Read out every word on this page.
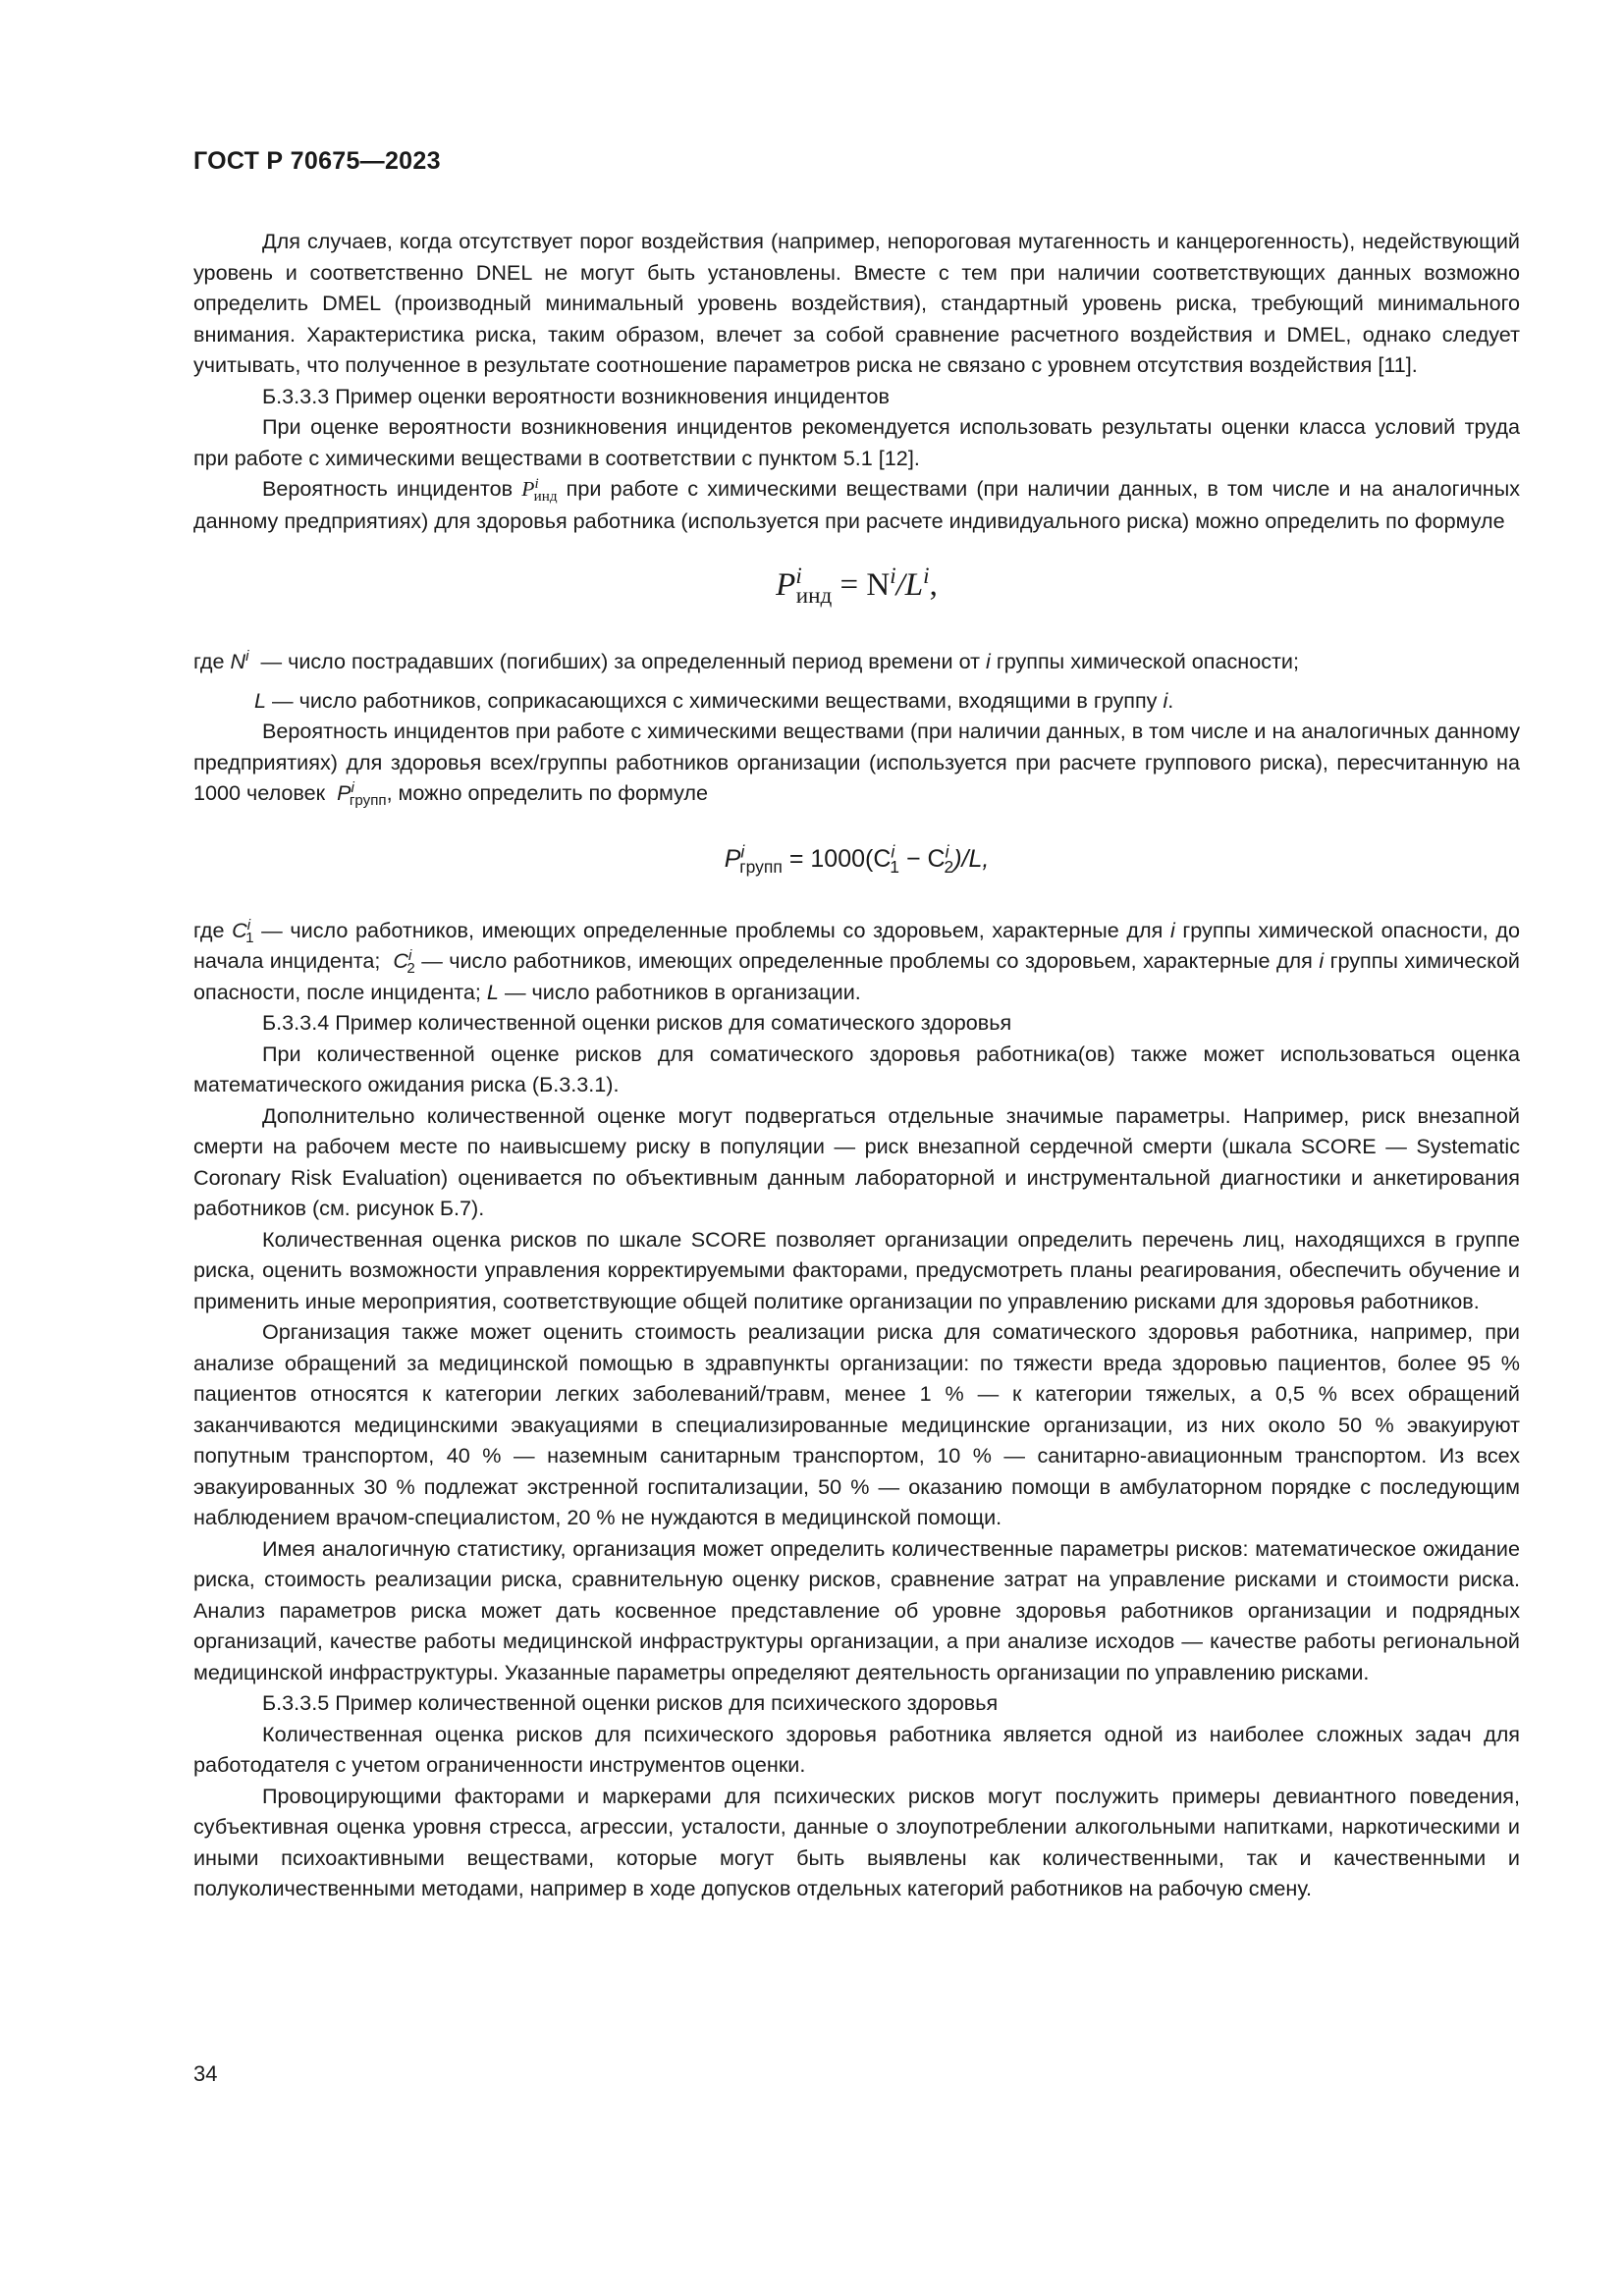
ГОСТ Р 70675—2023

Для случаев, когда отсутствует порог воздействия (например, непороговая мутагенность и канцерогенность), недействующий уровень и соответственно DNEL не могут быть установлены. Вместе с тем при наличии соответствующих данных возможно определить DMEL (производный минимальный уровень воздействия), стандартный уровень риска, требующий минимального внимания. Характеристика риска, таким образом, влечет за собой сравнение расчетного воздействия и DMEL, однако следует учитывать, что полученное в результате соотношение параметров риска не связано с уровнем отсутствия воздействия [11].

Б.3.3.3 Пример оценки вероятности возникновения инцидентов

При оценке вероятности возникновения инцидентов рекомендуется использовать результаты оценки класса условий труда при работе с химическими веществами в соответствии с пунктом 5.1 [12].

Вероятность инцидентов $P^i_{инд}$ при работе с химическими веществами (при наличии данных, в том числе и на аналогичных данному предприятиях) для здоровья работника (используется при расчете индивидуального риска) можно определить по формуле

$P^i_{инд} = N^i/L^i$,

где $N^i$ — число пострадавших (погибших) за определенный период времени от i группы химической опасности;

L — число работников, соприкасающихся с химическими веществами, входящими в группу i.

Вероятность инцидентов при работе с химическими веществами (при наличии данных, в том числе и на аналогичных данному предприятиях) для здоровья всех/группы работников организации (используется при расчете группового риска), пересчитанную на 1000 человек $P^i_{групп}$, можно определить по формуле

$P^i_{групп} = 1000(C^i_1 - C^i_2)/L$,

где $C^i_1$ — число работников, имеющих определенные проблемы со здоровьем, характерные для i группы химической опасности, до начала инцидента; $C^i_2$ — число работников, имеющих определенные проблемы со здоровьем, характерные для i группы химической опасности, после инцидента; L — число работников в организации.

Б.3.3.4 Пример количественной оценки рисков для соматического здоровья

При количественной оценке рисков для соматического здоровья работника(ов) также может использоваться оценка математического ожидания риска (Б.3.3.1).

Дополнительно количественной оценке могут подвергаться отдельные значимые параметры. Например, риск внезапной смерти на рабочем месте по наивысшему риску в популяции — риск внезапной сердечной смерти (шкала SCORE — Systematic Coronary Risk Evaluation) оценивается по объективным данным лабораторной и инструментальной диагностики и анкетирования работников (см. рисунок Б.7).

Количественная оценка рисков по шкале SCORE позволяет организации определить перечень лиц, находящихся в группе риска, оценить возможности управления корректируемыми факторами, предусмотреть планы реагирования, обеспечить обучение и применить иные мероприятия, соответствующие общей политике организации по управлению рисками для здоровья работников.

Организация также может оценить стоимость реализации риска для соматического здоровья работника, например, при анализе обращений за медицинской помощью в здравпункты организации: по тяжести вреда здоровью пациентов, более 95 % пациентов относятся к категории легких заболеваний/травм, менее 1 % — к категории тяжелых, а 0,5 % всех обращений заканчиваются медицинскими эвакуациями в специализированные медицинские организации, из них около 50 % эвакуируют попутным транспортом, 40 % — наземным санитарным транспортом, 10 % — санитарно-авиационным транспортом. Из всех эвакуированных 30 % подлежат экстренной госпитализации, 50 % — оказанию помощи в амбулаторном порядке с последующим наблюдением врачом-специалистом, 20 % не нуждаются в медицинской помощи.

Имея аналогичную статистику, организация может определить количественные параметры рисков: математическое ожидание риска, стоимость реализации риска, сравнительную оценку рисков, сравнение затрат на управление рисками и стоимости риска. Анализ параметров риска может дать косвенное представление об уровне здоровья работников организации и подрядных организаций, качестве работы медицинской инфраструктуры организации, а при анализе исходов — качестве работы региональной медицинской инфраструктуры. Указанные параметры определяют деятельность организации по управлению рисками.

Б.3.3.5 Пример количественной оценки рисков для психического здоровья

Количественная оценка рисков для психического здоровья работника является одной из наиболее сложных задач для работодателя с учетом ограниченности инструментов оценки.

Провоцирующими факторами и маркерами для психических рисков могут послужить примеры девиантного поведения, субъективная оценка уровня стресса, агрессии, усталости, данные о злоупотреблении алкогольными напитками, наркотическими и иными психоактивными веществами, которые могут быть выявлены как количественными, так и качественными и полуколичественными методами, например в ходе допусков отдельных категорий работников на рабочую смену.

34
